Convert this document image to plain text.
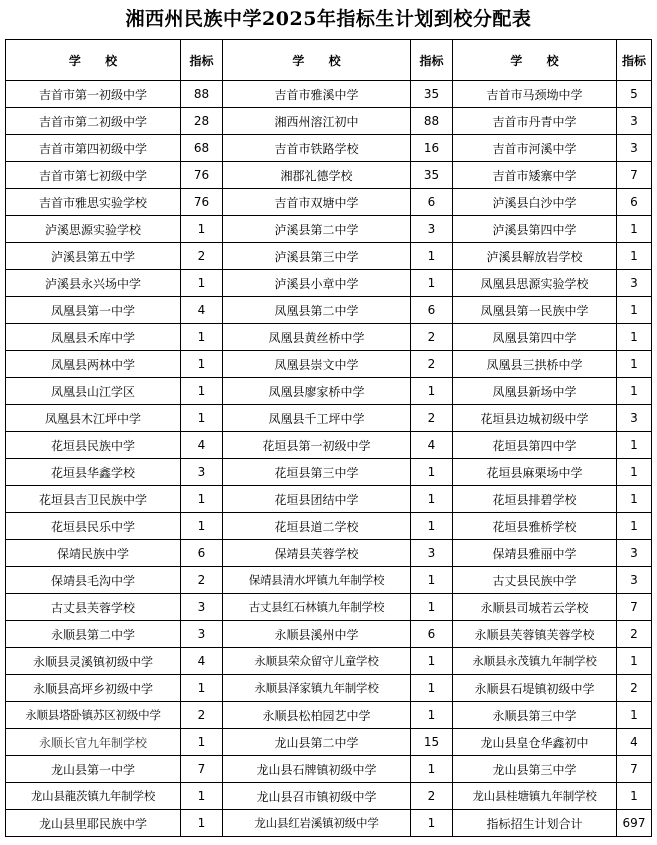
湘西州民族中学2025年指标生计划到校分配表
学 校	指标	学 校	指标	学 校	指标
吉首市第一初级中学	88	吉首市雅溪中学	35	吉首市马颈坳中学	5
吉首市第二初级中学	28	湘西州溶江初中	88	吉首市丹青中学	3
吉首市第四初级中学	68	吉首市铁路学校	16	吉首市河溪中学	3
吉首市第七初级中学	76	湘郡礼德学校	35	吉首市矮寨中学	7
吉首市雅思实验学校	76	吉首市双塘中学	6	泸溪县白沙中学	6
泸溪思源实验学校	1	泸溪县第二中学	3	泸溪县第四中学	1
泸溪县第五中学	2	泸溪县第三中学	1	泸溪县解放岩学校	1
泸溪县永兴场中学	1	泸溪县小章中学	1	凤凰县思源实验学校	3
凤凰县第一中学	4	凤凰县第二中学	6	凤凰县第一民族中学	1
凤凰县禾库中学	1	凤凰县黄丝桥中学	2	凤凰县第四中学	1
凤凰县两林中学	1	凤凰县崇文中学	2	凤凰县三拱桥中学	1
凤凰县山江学区	1	凤凰县廖家桥中学	1	凤凰县新场中学	1
凤凰县木江坪中学	1	凤凰县千工坪中学	2	花垣县边城初级中学	3
花垣县民族中学	4	花垣县第一初级中学	4	花垣县第四中学	1
花垣县华鑫学校	3	花垣县第三中学	1	花垣县麻栗场中学	1
花垣县吉卫民族中学	1	花垣县团结中学	1	花垣县排碧学校	1
花垣县民乐中学	1	花垣县道二学校	1	花垣县雅桥学校	1
保靖民族中学	6	保靖县芙蓉学校	3	保靖县雅丽中学	3
保靖县毛沟中学	2	保靖县清水坪镇九年制学校	1	古丈县民族中学	3
古丈县芙蓉学校	3	古丈县红石林镇九年制学校	1	永顺县司城若云学校	7
永顺县第二中学	3	永顺县溪州中学	6	永顺县芙蓉镇芙蓉学校	2
永顺县灵溪镇初级中学	4	永顺县荣众留守儿童学校	1	永顺县永茂镇九年制学校	1
永顺县高坪乡初级中学	1	永顺县泽家镇九年制学校	1	永顺县石堤镇初级中学	2
永顺县塔卧镇苏区初级中学	2	永顺县松柏园艺中学	1	永顺县第三中学	1
永顺长官九年制学校	1	龙山县第二中学	15	龙山县皇仓华鑫初中	4
龙山县第一中学	7	龙山县石牌镇初级中学	1	龙山县第三中学	7
龙山县龍茨镇九年制学校	1	龙山县召市镇初级中学	2	龙山县桂塘镇九年制学校	1
龙山县里耶民族中学	1	龙山县红岩溪镇初级中学	1	指标招生计划合计	697
